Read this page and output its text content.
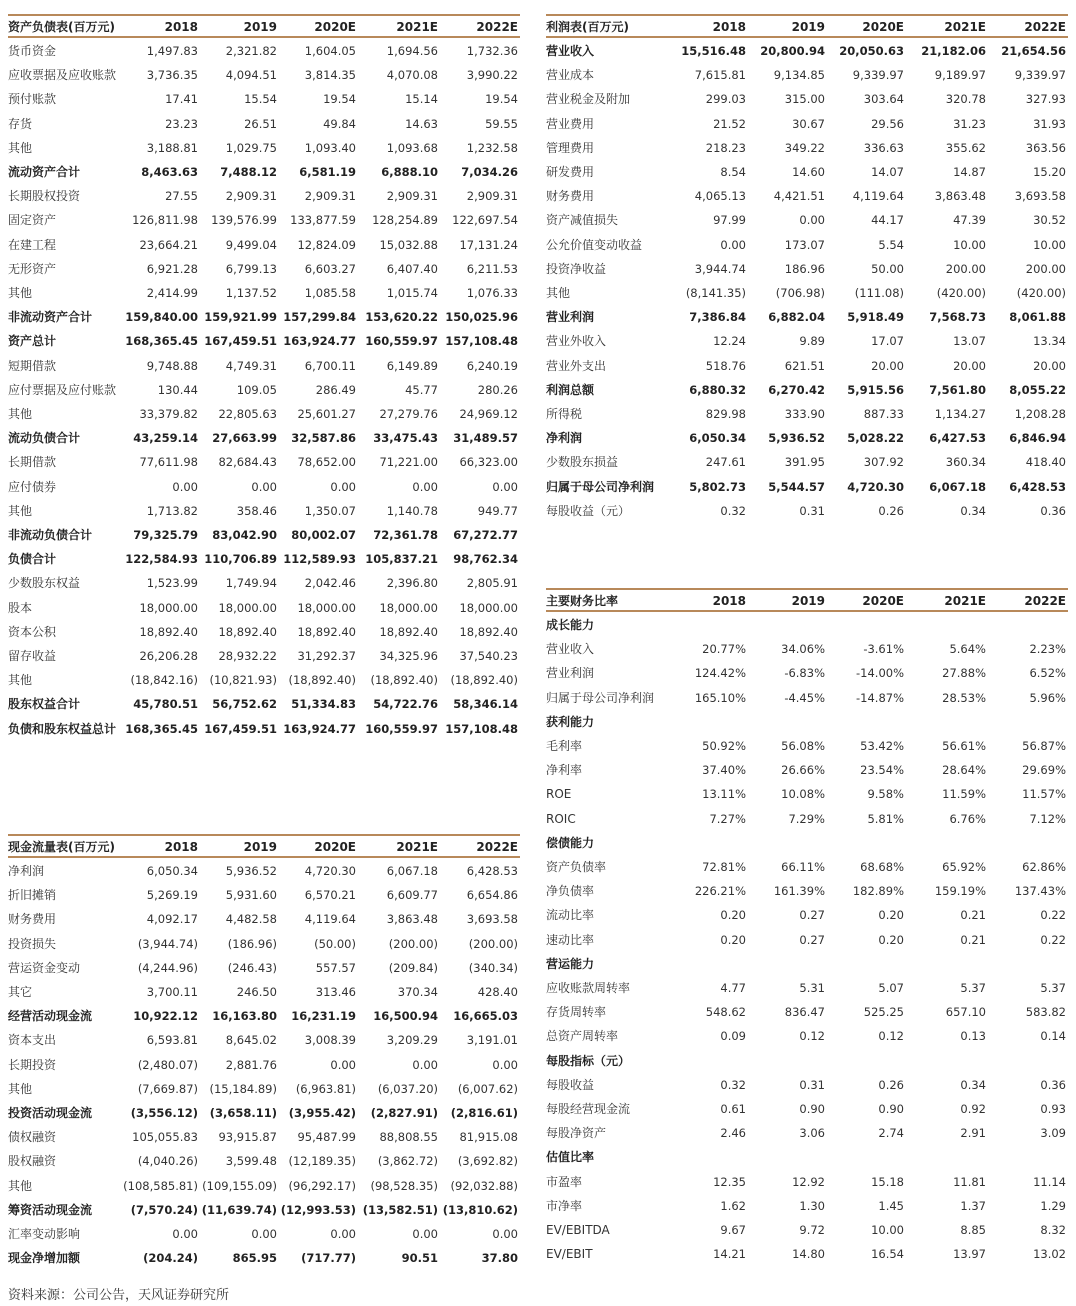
资产负债表(百万元)	2018	2019	2020E	2021E	2022E
货币资金	1,497.83	2,321.82	1,604.05	1,694.56	1,732.36
应收票据及应收账款	3,736.35	4,094.51	3,814.35	4,070.08	3,990.22
预付账款	17.41	15.54	19.54	15.14	19.54
存货	23.23	26.51	49.84	14.63	59.55
其他	3,188.81	1,029.75	1,093.40	1,093.68	1,232.58
流动资产合计	8,463.63	7,488.12	6,581.19	6,888.10	7,034.26
长期股权投资	27.55	2,909.31	2,909.31	2,909.31	2,909.31
固定资产	126,811.98	139,576.99	133,877.59	128,254.89	122,697.54
在建工程	23,664.21	9,499.04	12,824.09	15,032.88	17,131.24
无形资产	6,921.28	6,799.13	6,603.27	6,407.40	6,211.53
其他	2,414.99	1,137.52	1,085.58	1,015.74	1,076.33
非流动资产合计	159,840.00 159,921.99 157,299.84 153,620.22 150,025.96
资产总计	168,365.45 167,459.51 163,924.77 160,559.97 157,108.48
短期借款	9,748.88	4,749.31	6,700.11	6,149.89	6,240.19
应付票据及应付账款	130.44	109.05	286.49	45.77	280.26
其他	33,379.82	22,805.63	25,601.27	27,279.76	24,969.12
流动负债合计	43,259.14	27,663.99	32,587.86	33,475.43	31,489.57
长期借款	77,611.98	82,684.43	78,652.00	71,221.00	66,323.00
应付债券	0.00	0.00	0.00	0.00	0.00
其他	1,713.82	358.46	1,350.07	1,140.78	949.77
非流动负债合计	79,325.79	83,042.90	80,002.07	72,361.78	67,272.77
负债合计	122,584.93 110,706.89 112,589.93 105,837.21	98,762.34
少数股东权益	1,523.99	1,749.94	2,042.46	2,396.80	2,805.91
股本	18,000.00	18,000.00	18,000.00	18,000.00	18,000.00
资本公积	18,892.40	18,892.40	18,892.40	18,892.40	18,892.40
留存收益	26,206.28	28,932.22	31,292.37	34,325.96	37,540.23
其他	(18,842.16) (10,821.93) (18,892.40)	(18,892.40)	(18,892.40)
股东权益合计	45,780.51	56,752.62	51,334.83	54,722.76	58,346.14
负债和股东权益总计 168,365.45 167,459.51 163,924.77 160,559.97 157,108.48
利润表(百万元)	2018	2019	2020E	2021E	2022E
营业收入	15,516.48	20,800.94	20,050.63	21,182.06	21,654.56
营业成本	7,615.81	9,134.85	9,339.97	9,189.97	9,339.97
营业税金及附加	299.03	315.00	303.64	320.78	327.93
营业费用	21.52	30.67	29.56	31.23	31.93
管理费用	218.23	349.22	336.63	355.62	363.56
研发费用	8.54	14.60	14.07	14.87	15.20
财务费用	4,065.13	4,421.51	4,119.64	3,863.48	3,693.58
资产减值损失	97.99	0.00	44.17	47.39	30.52
公允价值变动收益	0.00	173.07	5.54	10.00	10.00
投资净收益	3,944.74	186.96	50.00	200.00	200.00
其他	(8,141.35)	(706.98)	(111.08)	(420.00)	(420.00)
营业利润	7,386.84	6,882.04	5,918.49	7,568.73	8,061.88
营业外收入	12.24	9.89	17.07	13.07	13.34
营业外支出	518.76	621.51	20.00	20.00	20.00
利润总额	6,880.32	6,270.42	5,915.56	7,561.80	8,055.22
所得税	829.98	333.90	887.33	1,134.27	1,208.28
净利润	6,050.34	5,936.52	5,028.22	6,427.53	6,846.94
少数股东损益	247.61	391.95	307.92	360.34	418.40
归属于母公司净利润	5,802.73	5,544.57	4,720.30	6,067.18	6,428.53
每股收益（元）	0.32	0.31	0.26	0.34	0.36
现金流量表(百万元)	2018	2019	2020E	2021E	2022E
净利润	6,050.34	5,936.52	4,720.30	6,067.18	6,428.53
折旧摊销	5,269.19	5,931.60	6,570.21	6,609.77	6,654.86
财务费用	4,092.17	4,482.58	4,119.64	3,863.48	3,693.58
投资损失	(3,944.74)	(186.96)	(50.00)	(200.00)	(200.00)
营运资金变动	(4,244.96)	(246.43)	557.57	(209.84)	(340.34)
其它	3,700.11	246.50	313.46	370.34	428.40
经营活动现金流	10,922.12	16,163.80	16,231.19	16,500.94	16,665.03
资本支出	6,593.81	8,645.02	3,008.39	3,209.29	3,191.01
长期投资	(2,480.07)	2,881.76	0.00	0.00	0.00
其他	(7,669.87) (15,184.89)	(6,963.81)	(6,037.20)	(6,007.62)
投资活动现金流	(3,556.12)	(3,658.11)	(3,955.42)	(2,827.91)	(2,816.61)
债权融资	105,055.83	93,915.87	95,487.99	88,808.55	81,915.08
股权融资	(4,040.26)	3,599.48 (12,189.35)	(3,862.72)	(3,692.82)
其他	(108,585.81) (109,155.09) (96,292.17)	(98,528.35)	(92,032.88)
筹资活动现金流	(7,570.24) (11,639.74) (12,993.53) (13,582.51) (13,810.62)
汇率变动影响	0.00	0.00	0.00	0.00	0.00
现金净增加额	(204.24)	865.95	(717.77)	90.51	37.80
主要财务比率	2018	2019	2020E	2021E	2022E
成长能力
营业收入	20.77%	34.06%	-3.61%	5.64%	2.23%
营业利润	124.42%	-6.83%	-14.00%	27.88%	6.52%
归属于母公司净利润	165.10%	-4.45%	-14.87%	28.53%	5.96%
获利能力
毛利率	50.92%	56.08%	53.42%	56.61%	56.87%
净利率	37.40%	26.66%	23.54%	28.64%	29.69%
ROE	13.11%	10.08%	9.58%	11.59%	11.57%
ROIC	7.27%	7.29%	5.81%	6.76%	7.12%
偿债能力
资产负债率	72.81%	66.11%	68.68%	65.92%	62.86%
净负债率	226.21%	161.39%	182.89%	159.19%	137.43%
流动比率	0.20	0.27	0.20	0.21	0.22
速动比率	0.20	0.27	0.20	0.21	0.22
营运能力
应收账款周转率	4.77	5.31	5.07	5.37	5.37
存货周转率	548.62	836.47	525.25	657.10	583.82
总资产周转率	0.09	0.12	0.12	0.13	0.14
每股指标（元）
每股收益	0.32	0.31	0.26	0.34	0.36
每股经营现金流	0.61	0.90	0.90	0.92	0.93
每股净资产	2.46	3.06	2.74	2.91	3.09
估值比率
市盈率	12.35	12.92	15.18	11.81	11.14
市净率	1.62	1.30	1.45	1.37	1.29
EV/EBITDA	9.67	9.72	10.00	8.85	8.32
EV/EBIT	14.21	14.80	16.54	13.97	13.02
资料来源：公司公告，天风证券研究所
